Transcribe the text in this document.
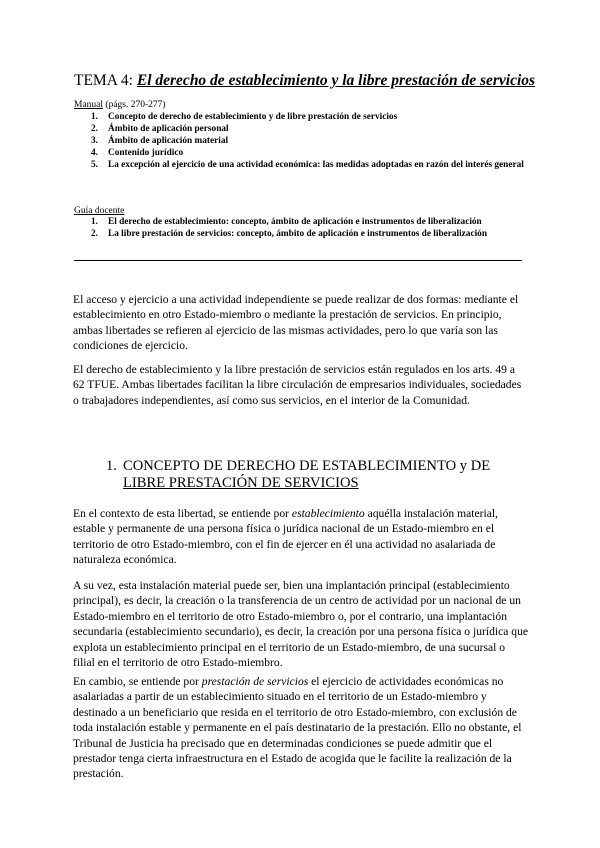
TEMA 4: El derecho de establecimiento y la libre prestación de servicios
Manual (págs. 270-277)
1. Concepto de derecho de establecimiento y de libre prestación de servicios
2. Ámbito de aplicación personal
3. Ámbito de aplicación material
4. Contenido jurídico
5. La excepción al ejercicio de una actividad económica: las medidas adoptadas en razón del interés general
Guía docente
1. El derecho de establecimiento: concepto, ámbito de aplicación e instrumentos de liberalización
2. La libre prestación de servicios: concepto, ámbito de aplicación e instrumentos de liberalización

El acceso y ejercicio a una actividad independiente se puede realizar de dos formas: mediante el establecimiento en otro Estado-miembro o mediante la prestación de servicios. En principio, ambas libertades se refieren al ejercicio de las mismas actividades, pero lo que varía son las condiciones de ejercicio.

El derecho de establecimiento y la libre prestación de servicios están regulados en los arts. 49 a 62 TFUE. Ambas libertades facilitan la libre circulación de empresarios individuales, sociedades o trabajadores independientes, así como sus servicios, en el interior de la Comunidad.

1. CONCEPTO DE DERECHO DE ESTABLECIMIENTO y DE
LIBRE PRESTACIÓN DE SERVICIOS

En el contexto de esta libertad, se entiende por establecimiento aquélla instalación material, estable y permanente de una persona física o jurídica nacional de un Estado-miembro en el territorio de otro Estado-miembro, con el fin de ejercer en él una actividad no asalariada de naturaleza económica.

A su vez, esta instalación material puede ser, bien una implantación principal (establecimiento principal), es decir, la creación o la transferencia de un centro de actividad por un nacional de un Estado-miembro en el territorio de otro Estado-miembro o, por el contrario, una implantación secundaria (establecimiento secundario), es decir, la creación por una persona física o jurídica que explota un establecimiento principal en el territorio de un Estado-miembro, de una sucursal o filial en el territorio de otro Estado-miembro.

En cambio, se entiende por prestación de servicios el ejercicio de actividades económicas no asalariadas a partir de un establecimiento situado en el territorio de un Estado-miembro y destinado a un beneficiario que resida en el territorio de otro Estado-miembro, con exclusión de toda instalación estable y permanente en el país destinatario de la prestación. Ello no obstante, el Tribunal de Justicia ha precisado que en determinadas condiciones se puede admitir que el prestador tenga cierta infraestructura en el Estado de acogida que le facilite la realización de la prestación.
